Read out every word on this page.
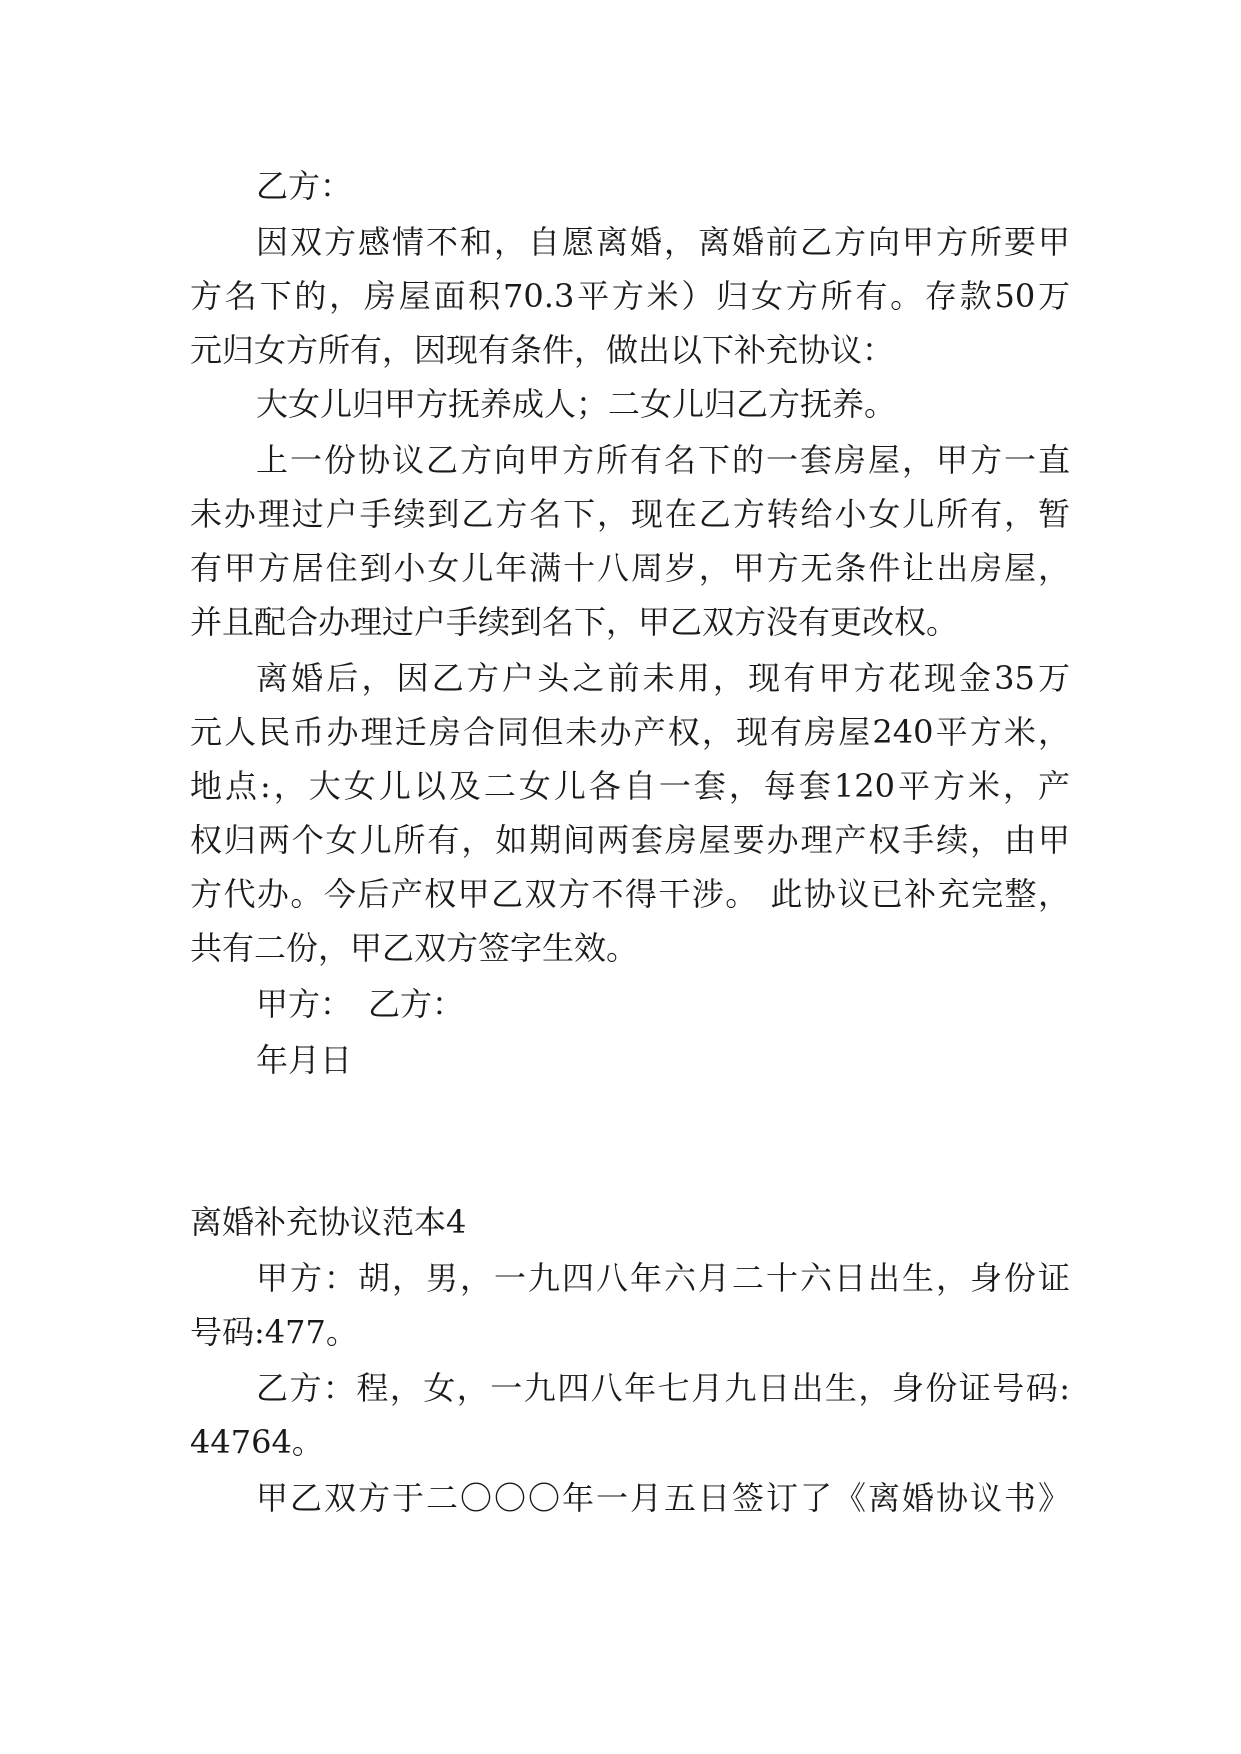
乙方：
因双方感情不和，自愿离婚，离婚前乙方向甲方所要甲
方名下的，房屋面积70.3平方米）归女方所有。存款50万
元归女方所有，因现有条件，做出以下补充协议：
大女儿归甲方抚养成人；二女儿归乙方抚养。
上一份协议乙方向甲方所有名下的一套房屋，甲方一直
未办理过户手续到乙方名下，现在乙方转给小女儿所有，暂
有甲方居住到小女儿年满十八周岁，甲方无条件让出房屋，
并且配合办理过户手续到名下，甲乙双方没有更改权。
离婚后，因乙方户头之前未用，现有甲方花现金35万
元人民币办理迁房合同但未办产权，现有房屋240平方米，
地点:，大女儿以及二女儿各自一套，每套120平方米，产
权归两个女儿所有，如期间两套房屋要办理产权手续，由甲
方代办。今后产权甲乙双方不得干涉。 此协议已补充完整，
共有二份，甲乙双方签字生效。
甲方：　乙方：
年月日
离婚补充协议范本4
甲方：胡，男，一九四八年六月二十六日出生，身份证
号码:477。
乙方：程，女，一九四八年七月九日出生，身份证号码:
44764。
甲乙双方于二〇〇〇年一月五日签订了《离婚协议书》
